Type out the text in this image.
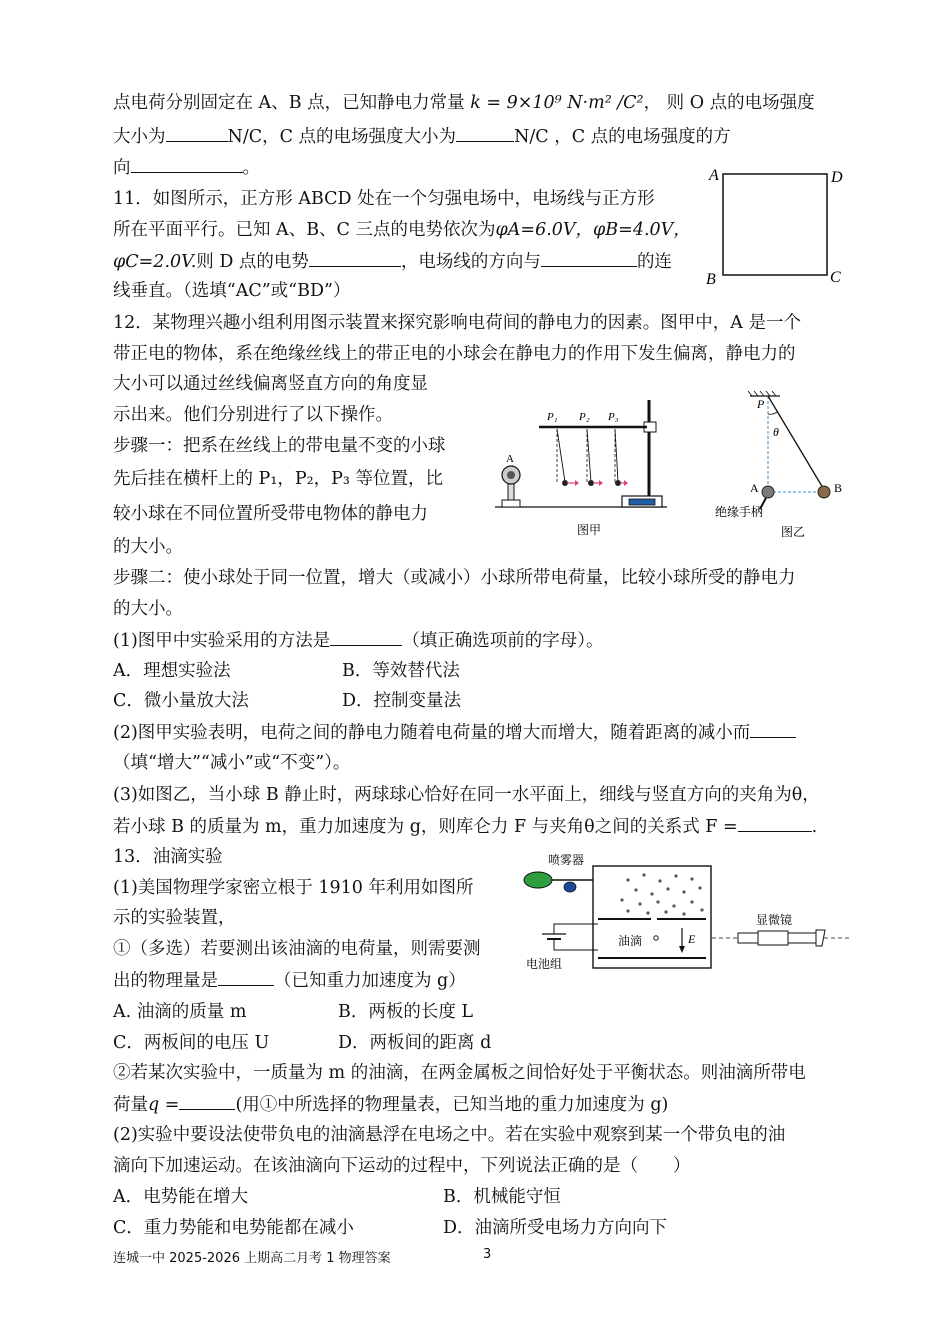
点电荷分别固定在 A、B 点，已知静电力常量 k = 9×10⁹ N·m² /C²， 则 O 点的电场强度
大小为	N/C，C 点的电场强度大小为	N/C ，C 点的电场强度的方
向	。
11．如图所示，正方形 ABCD 处在一个匀强电场中，电场线与正方形
所在平面平行。已知 A、B、C 三点的电势依次为φA=6.0V，φB=4.0V，
φC=2.0V.则 D 点的电势	，电场线的方向与	的连
线垂直。（选填“AC”或“BD”）
A	D
B	C
12．某物理兴趣小组利用图示装置来探究影响电荷间的静电力的因素。图甲中，A 是一个
带正电的物体，系在绝缘丝线上的带正电的小球会在静电力的作用下发生偏离，静电力的
大小可以通过丝线偏离竖直方向的角度显
示出来。他们分别进行了以下操作。
步骤一：把系在丝线上的带电量不变的小球
先后挂在横杆上的 P₁，P₂，P₃ 等位置，比
较小球在不同位置所受带电物体的静电力
的大小。
A
P₁ P₂ P₃
图甲
P
θ
A	B
绝缘手柄
图乙
步骤二：使小球处于同一位置，增大（或减小）小球所带电荷量，比较小球所受的静电力
的大小。
(1)图甲中实验采用的方法是	（填正确选项前的字母）。
A．理想实验法	B．等效替代法
C．微小量放大法	D．控制变量法
(2)图甲实验表明，电荷之间的静电力随着电荷量的增大而增大，随着距离的减小而
（填“增大”“减小”或“不变”）。
(3)如图乙，当小球 B 静止时，两球球心恰好在同一水平面上，细线与竖直方向的夹角为θ，
若小球 B 的质量为 m，重力加速度为 g，则库仑力 F 与夹角θ之间的关系式 F =	.
13．油滴实验
(1)美国物理学家密立根于 1910 年利用如图所
示的实验装置，
①（多选）若要测出该油滴的电荷量，则需要测
出的物理量是	（已知重力加速度为 g）
喷雾器
油滴	E
电池组
显微镜
A. 油滴的质量 m	B．两板的长度 L
C．两板间的电压 U	D．两板间的距离 d
②若某次实验中，一质量为 m 的油滴，在两金属板之间恰好处于平衡状态。则油滴所带电
荷量q =	(用①中所选择的物理量表，已知当地的重力加速度为 g)
(2)实验中要设法使带负电的油滴悬浮在电场之中。若在实验中观察到某一个带负电的油
滴向下加速运动。在该油滴向下运动的过程中，下列说法正确的是（　　）
A．电势能在增大	B．机械能守恒
C．重力势能和电势能都在减小	D．油滴所受电场力方向向下
连城一中 2025-2026 上期高二月考 1 物理答案	3
